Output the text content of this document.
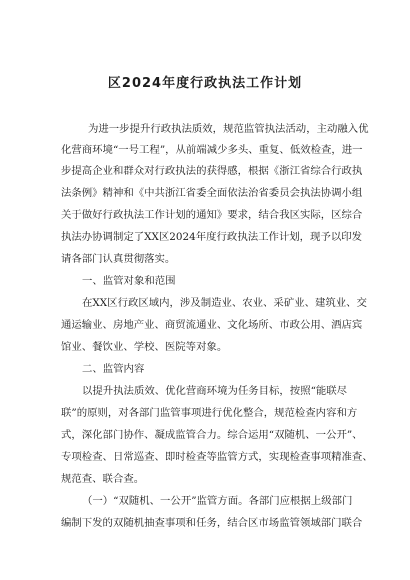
区2024年度行政执法工作计划
为进一步提升行政执法质效，规范监管执法活动，主动融入优
化营商环境“一号工程”，从前端减少多头、重复、低效检查，进一
步提高企业和群众对行政执法的获得感，根据《浙江省综合行政执
法条例》精神和《中共浙江省委全面依法治省委员会执法协调小组
关于做好行政执法工作计划的通知》要求，结合我区实际，区综合
执法办协调制定了XX区2024年度行政执法工作计划，现予以印发
请各部门认真贯彻落实。
一、监管对象和范围
在XX区行政区域内，涉及制造业、农业、采矿业、建筑业、交
通运输业、房地产业、商贸流通业、文化场所、市政公用、酒店宾
馆业、餐饮业、学校、医院等对象。
二、监管内容
以提升执法质效、优化营商环境为任务目标，按照“能联尽
联”的原则，对各部门监管事项进行优化整合，规范检查内容和方
式，深化部门协作、凝成监管合力。综合运用“双随机、一公开”、
专项检查、日常巡查、即时检查等监管方式，实现检查事项精准查、
规范查、联合查。
（一）“双随机、一公开”监管方面。各部门应根据上级部门
编制下发的双随机抽查事项和任务，结合区市场监管领域部门联合
